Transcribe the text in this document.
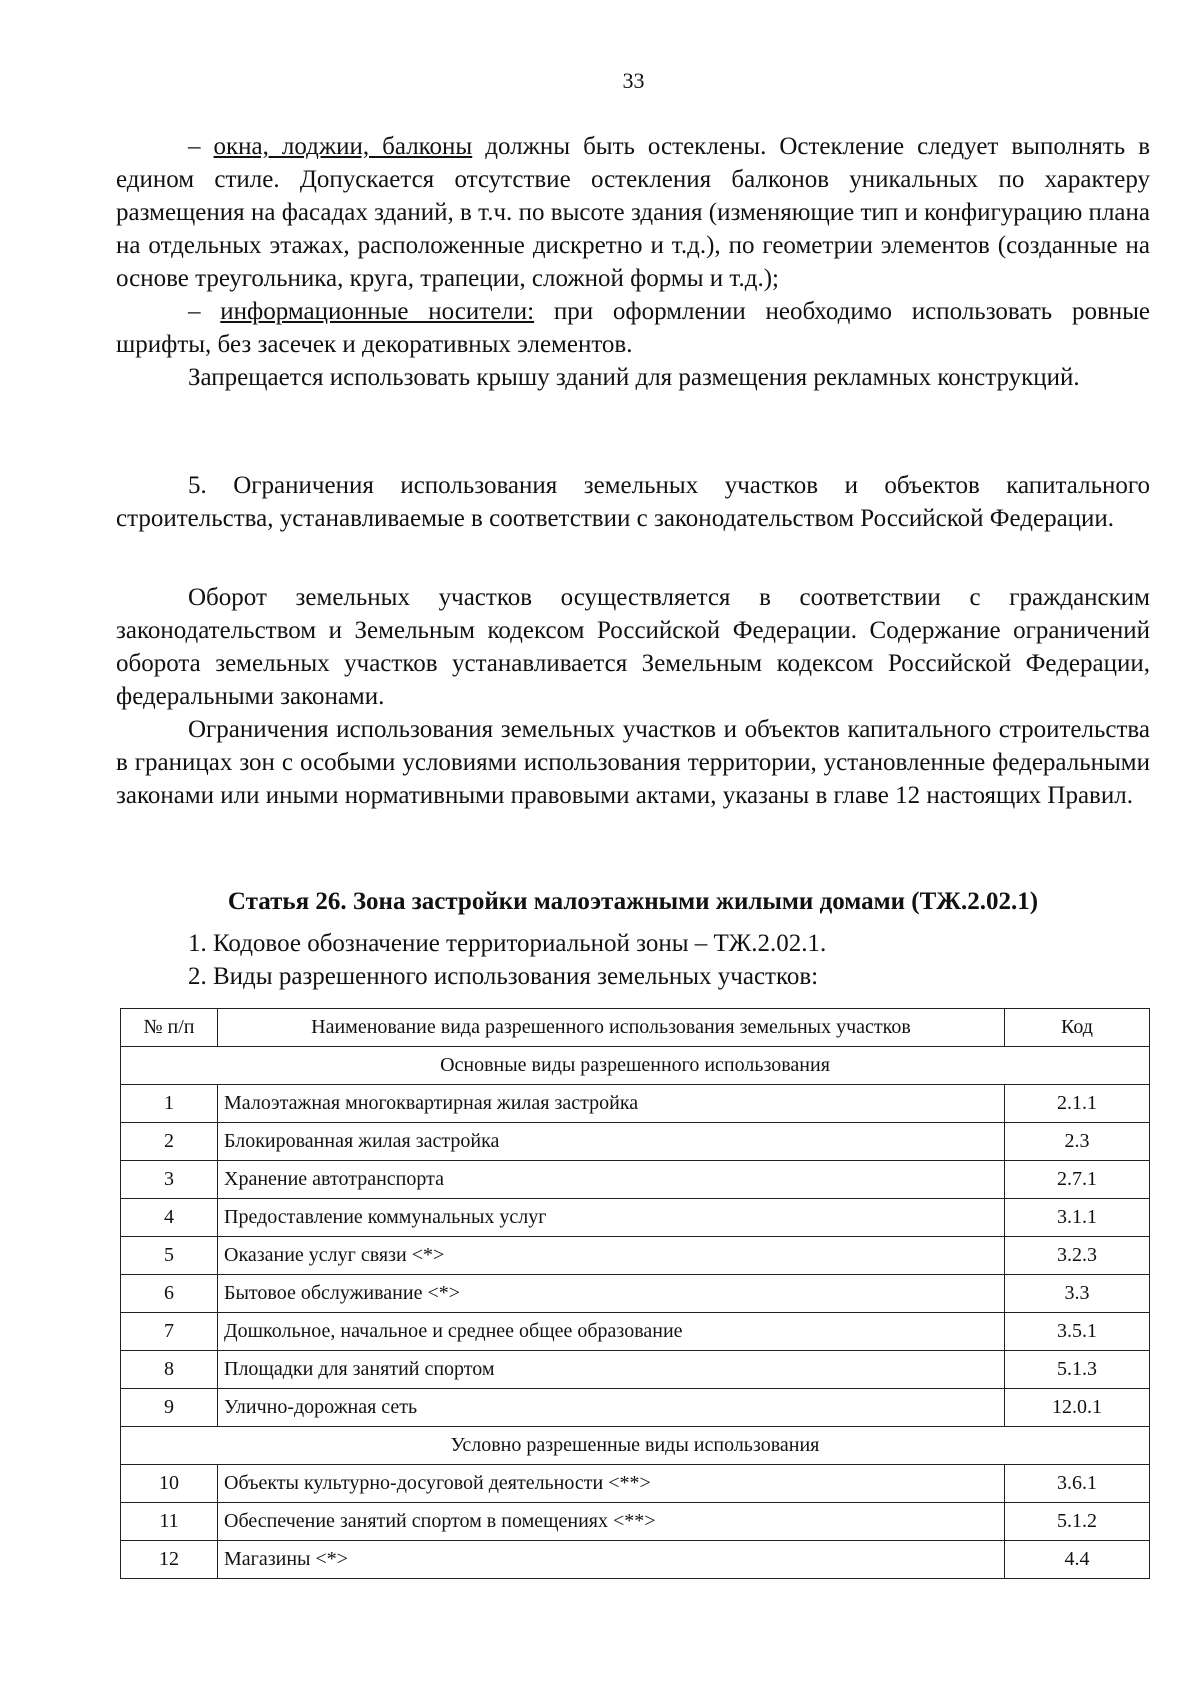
33

– окна, лоджии, балконы должны быть остеклены. Остекление следует выполнять в едином стиле. Допускается отсутствие остекления балконов уникальных по характеру размещения на фасадах зданий, в т.ч. по высоте здания (изменяющие тип и конфигурацию плана на отдельных этажах, расположенные дискретно и т.д.), по геометрии элементов (созданные на основе треугольника, круга, трапеции, сложной формы и т.д.);

– информационные носители: при оформлении необходимо использовать ровные шрифты, без засечек и декоративных элементов.

Запрещается использовать крышу зданий для размещения рекламных конструкций.

5. Ограничения использования земельных участков и объектов капитального строительства, устанавливаемые в соответствии с законодательством Российской Федерации.

Оборот земельных участков осуществляется в соответствии с гражданским законодательством и Земельным кодексом Российской Федерации. Содержание ограничений оборота земельных участков устанавливается Земельным кодексом Российской Федерации, федеральными законами.

Ограничения использования земельных участков и объектов капитального строительства в границах зон с особыми условиями использования территории, установленные федеральными законами или иными нормативными правовыми актами, указаны в главе 12 настоящих Правил.

Статья 26. Зона застройки малоэтажными жилыми домами (ТЖ.2.02.1)
1. Кодовое обозначение территориальной зоны – ТЖ.2.02.1.
2. Виды разрешенного использования земельных участков:
№ п/п	Наименование вида разрешенного использования земельных участков	Код
Основные виды разрешенного использования		
1	Малоэтажная многоквартирная жилая застройка	2.1.1
2	Блокированная жилая застройка	2.3
3	Хранение автотранспорта	2.7.1
4	Предоставление коммунальных услуг	3.1.1
5	Оказание услуг связи <*>	3.2.3
6	Бытовое обслуживание <*>	3.3
7	Дошкольное, начальное и среднее общее образование	3.5.1
8	Площадки для занятий спортом	5.1.3
9	Улично-дорожная сеть	12.0.1
Условно разрешенные виды использования		
10	Объекты культурно-досуговой деятельности <**>	3.6.1
11	Обеспечение занятий спортом в помещениях <**>	5.1.2
12	Магазины <*>	4.4
